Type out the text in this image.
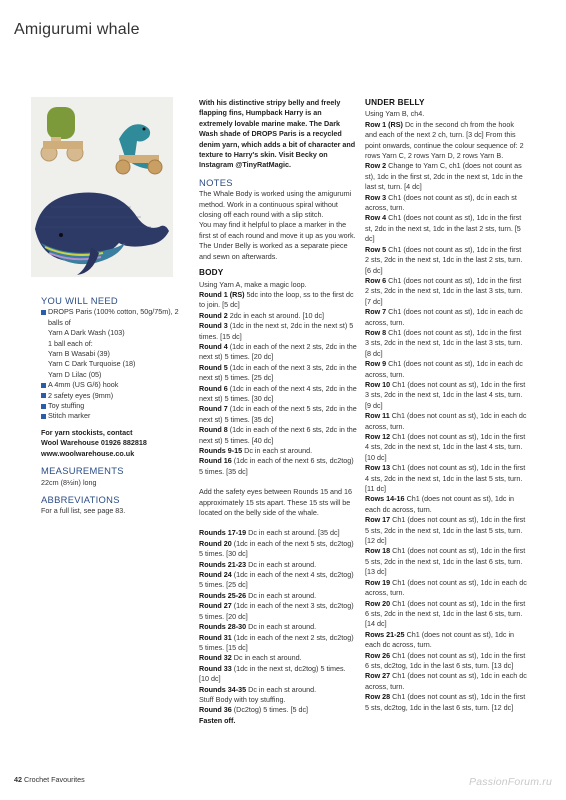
Amigurumi whale
YOU WILL NEED
DROPS Paris (100% cotton, 50g/75m), 2 balls of
Yarn A Dark Wash (103)
1 ball each of:
Yarn B Wasabi (39)
Yarn C Dark Turquoise (18)
Yarn D Lilac (05)
A 4mm (US G/6) hook
2 safety eyes (9mm)
Toy stuffing
Stitch marker
For yarn stockists, contact
Wool Warehouse 01926 882818
www.woolwarehouse.co.uk
MEASUREMENTS
22cm (8½in) long
ABBREVIATIONS
For a full list, see page 83.

With his distinctive stripy belly and freely flapping fins, Humpback Harry is an extremely lovable marine make. The Dark Wash shade of DROPS Paris is a recycled denim yarn, which adds a bit of character and texture to Harry's skin. Visit Becky on Instagram @TinyRatMagic.

NOTES

The Whale Body is worked using the amigurumi method. Work in a continuous spiral without closing off each round with a slip stitch.

You may find it helpful to place a marker in the first st of each round and move it up as you work. The Under Belly is worked as a separate piece and sewn on afterwards.

BODY

Using Yarn A, make a magic loop.

Round 1 (RS) 5dc into the loop, ss to the first dc to join. [5 dc]

Round 2 2dc in each st around. [10 dc]

Round 3 (1dc in the next st, 2dc in the next st) 5 times. [15 dc]

Round 4 (1dc in each of the next 2 sts, 2dc in the next st) 5 times. [20 dc]

Round 5 (1dc in each of the next 3 sts, 2dc in the next st) 5 times. [25 dc]

Round 6 (1dc in each of the next 4 sts, 2dc in the next st) 5 times. [30 dc]

Round 7 (1dc in each of the next 5 sts, 2dc in the next st) 5 times. [35 dc]

Round 8 (1dc in each of the next 6 sts, 2dc in the next st) 5 times. [40 dc]

Rounds 9-15 Dc in each st around.

Round 16 (1dc in each of the next 6 sts, dc2tog) 5 times. [35 dc]

Add the safety eyes between Rounds 15 and 16 approximately 15 sts apart. These 15 sts will be located on the belly side of the whale.

Rounds 17-19 Dc in each st around. [35 dc]

Round 20 (1dc in each of the next 5 sts, dc2tog) 5 times. [30 dc]

Rounds 21-23 Dc in each st around.

Round 24 (1dc in each of the next 4 sts, dc2tog) 5 times. [25 dc]

Rounds 25-26 Dc in each st around.

Round 27 (1dc in each of the next 3 sts, dc2tog) 5 times. [20 dc]

Rounds 28-30 Dc in each st around.

Round 31 (1dc in each of the next 2 sts, dc2tog) 5 times. [15 dc]

Round 32 Dc in each st around.

Round 33 (1dc in the next st, dc2tog) 5 times. [10 dc]

Rounds 34-35 Dc in each st around.

Stuff Body with toy stuffing.

Round 36 (Dc2tog) 5 times. [5 dc]

Fasten off.

UNDER BELLY

Using Yarn B, ch4.

Row 1 (RS) Dc in the second ch from the hook and each of the next 2 ch, turn. [3 dc] From this point onwards, continue the colour sequence of: 2 rows Yarn C, 2 rows Yarn D, 2 rows Yarn B.

Row 2 Change to Yarn C, ch1 (does not count as st), 1dc in the first st, 2dc in the next st, 1dc in the last st, turn. [4 dc]

Row 3 Ch1 (does not count as st), dc in each st across, turn.

Row 4 Ch1 (does not count as st), 1dc in the first st, 2dc in the next st, 1dc in the last 2 sts, turn. [5 dc]

Row 5 Ch1 (does not count as st), 1dc in the first 2 sts, 2dc in the next st, 1dc in the last 2 sts, turn. [6 dc]

Row 6 Ch1 (does not count as st), 1dc in the first 2 sts, 2dc in the next st, 1dc in the last 3 sts, turn. [7 dc]

Row 7 Ch1 (does not count as st), 1dc in each dc across, turn.

Row 8 Ch1 (does not count as st), 1dc in the first 3 sts, 2dc in the next st, 1dc in the last 3 sts, turn. [8 dc]

Row 9 Ch1 (does not count as st), 1dc in each dc across, turn.

Row 10 Ch1 (does not count as st), 1dc in the first 3 sts, 2dc in the next st, 1dc in the last 4 sts, turn. [9 dc]

Row 11 Ch1 (does not count as st), 1dc in each dc across, turn.

Row 12 Ch1 (does not count as st), 1dc in the first 4 sts, 2dc in the next st, 1dc in the last 4 sts, turn. [10 dc]

Row 13 Ch1 (does not count as st), 1dc in the first 4 sts, 2dc in the next st, 1dc in the last 5 sts, turn. [11 dc]

Rows 14-16 Ch1 (does not count as st), 1dc in each dc across, turn.

Row 17 Ch1 (does not count as st), 1dc in the first 5 sts, 2dc in the next st, 1dc in the last 5 sts, turn. [12 dc]

Row 18 Ch1 (does not count as st), 1dc in the first 5 sts, 2dc in the next st, 1dc in the last 6 sts, turn. [13 dc]

Row 19 Ch1 (does not count as st), 1dc in each dc across, turn.

Row 20 Ch1 (does not count as st), 1dc in the first 6 sts, 2dc in the next st, 1dc in the last 6 sts, turn. [14 dc]

Rows 21-25 Ch1 (does not count as st), 1dc in each dc across, turn.

Row 26 Ch1 (does not count as st), 1dc in the first 6 sts, dc2tog, 1dc in the last 6 sts, turn. [13 dc]

Row 27 Ch1 (does not count as st), 1dc in each dc across, turn.

Row 28 Ch1 (does not count as st), 1dc in the first 5 sts, dc2tog, 1dc in the last 6 sts, turn. [12 dc]

42 Crochet Favourites	PassionForum.ru
